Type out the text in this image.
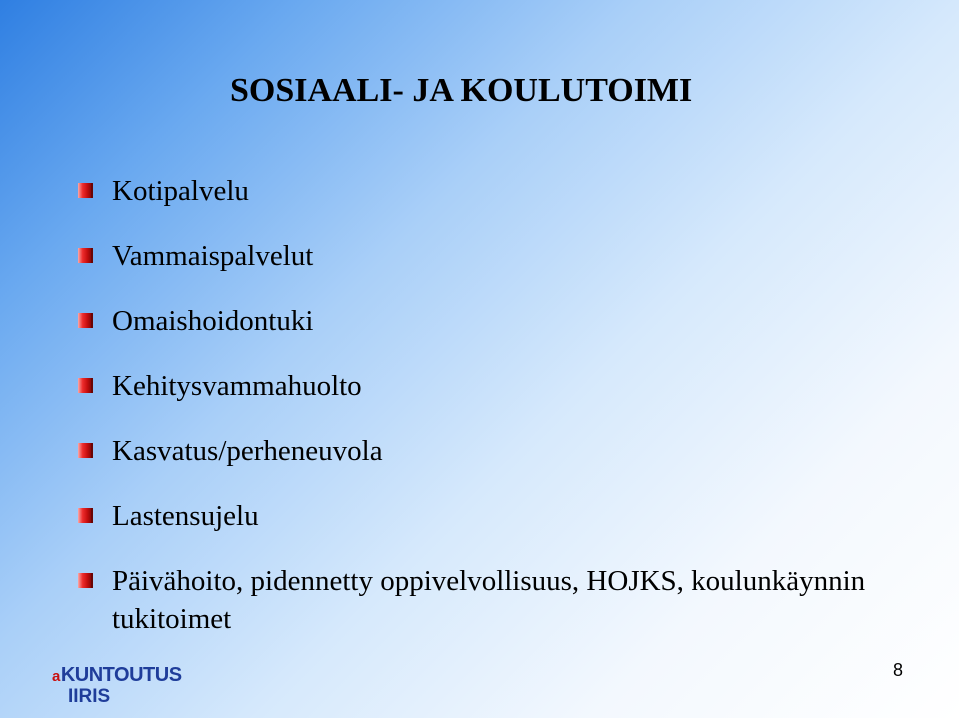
SOSIAALI- JA KOULUTOIMI
Kotipalvelu
Vammaispalvelut
Omaishoidontuki
Kehitysvammahuolto
Kasvatus/perheneuvola
Lastensujelu
Päivähoito, pidennetty oppivelvollisuus, HOJKS, koulunkäynnin tukitoimet
aKUNTOUTUS
IIRIS
8
